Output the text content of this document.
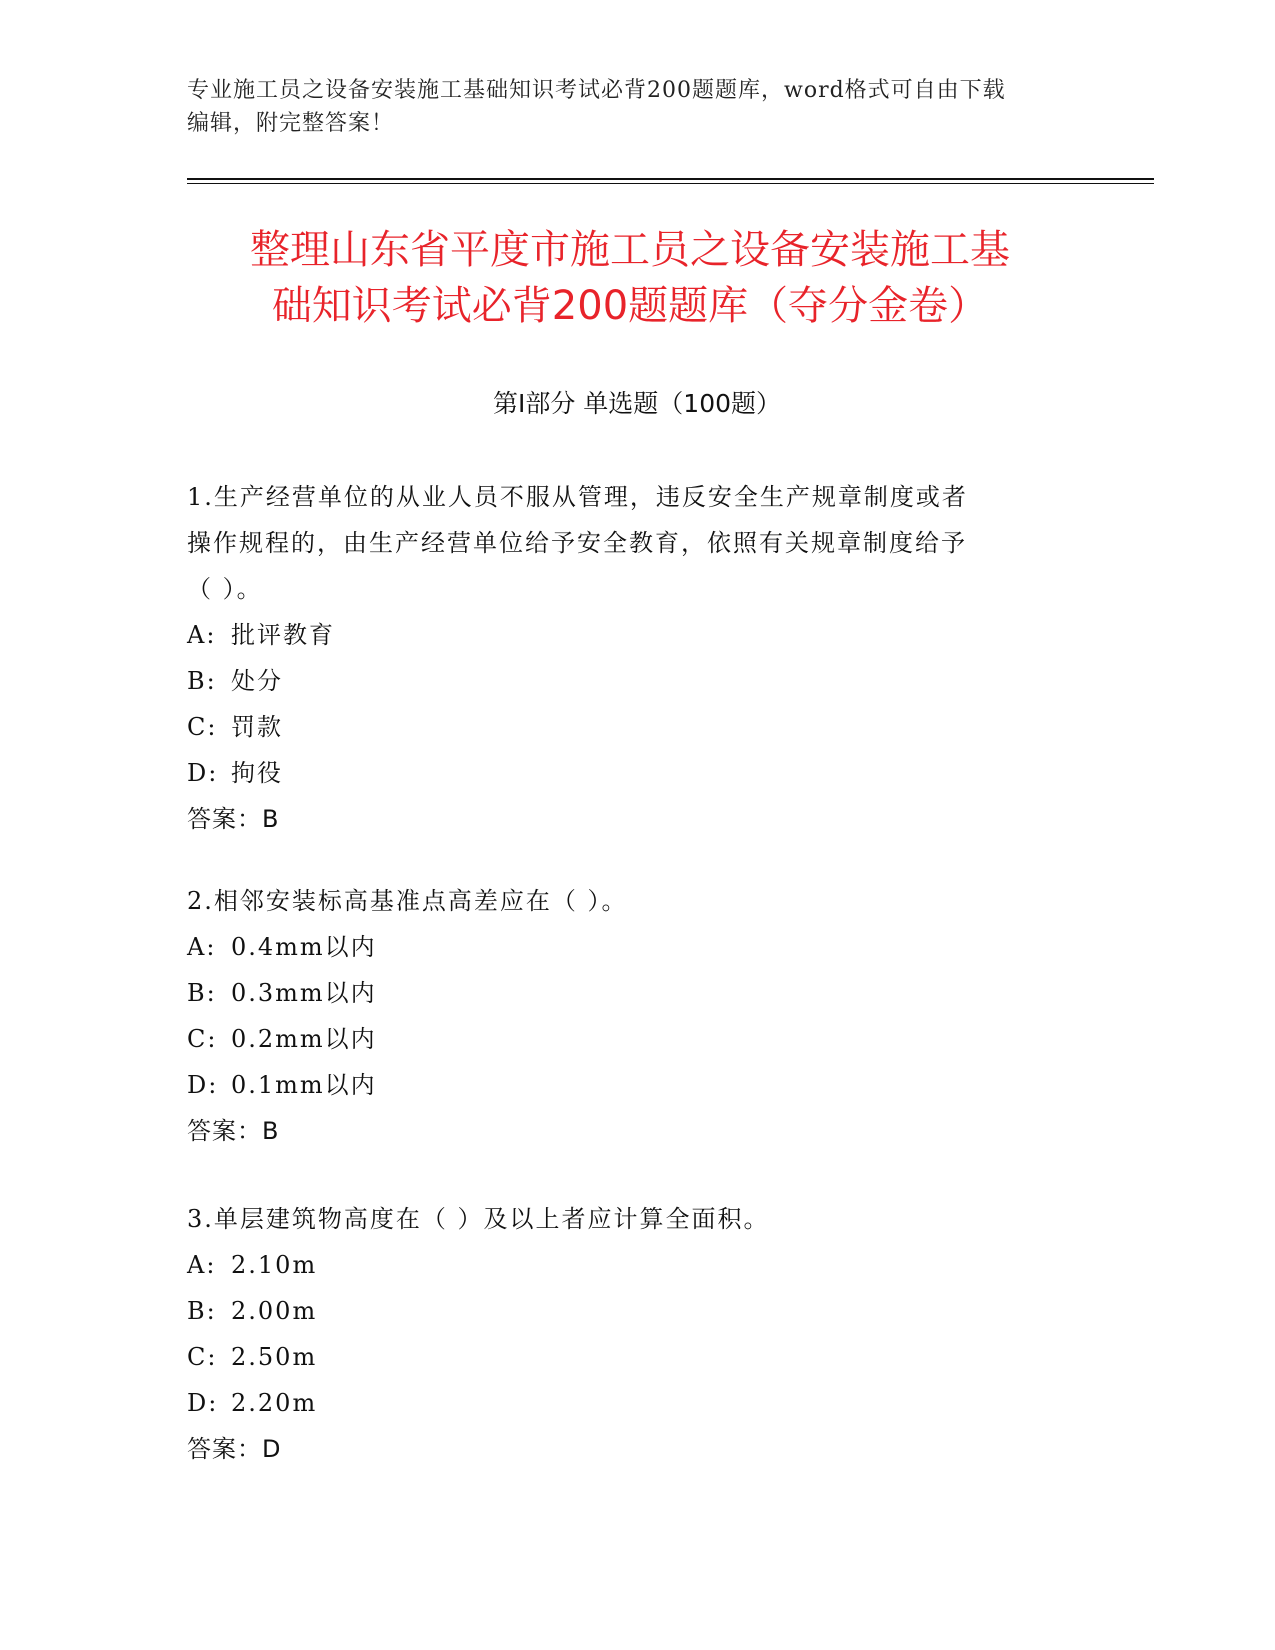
专业施工员之设备安装施工基础知识考试必背200题题库，word格式可自由下载
编辑，附完整答案！
整理山东省平度市施工员之设备安装施工基
础知识考试必背200题题库（夺分金卷）
第Ⅰ部分 单选题（100题）
1.生产经营单位的从业人员不服从管理，违反安全生产规章制度或者
操作规程的，由生产经营单位给予安全教育，依照有关规章制度给予
（ ）。
A: 批评教育
B: 处分
C: 罚款
D: 拘役
答案：B
2.相邻安装标高基准点高差应在（ ）。
A: 0.4mm以内
B: 0.3mm以内
C: 0.2mm以内
D: 0.1mm以内
答案：B
3.单层建筑物高度在（ ）及以上者应计算全面积。
A: 2.10m
B: 2.00m
C: 2.50m
D: 2.20m
答案：D
